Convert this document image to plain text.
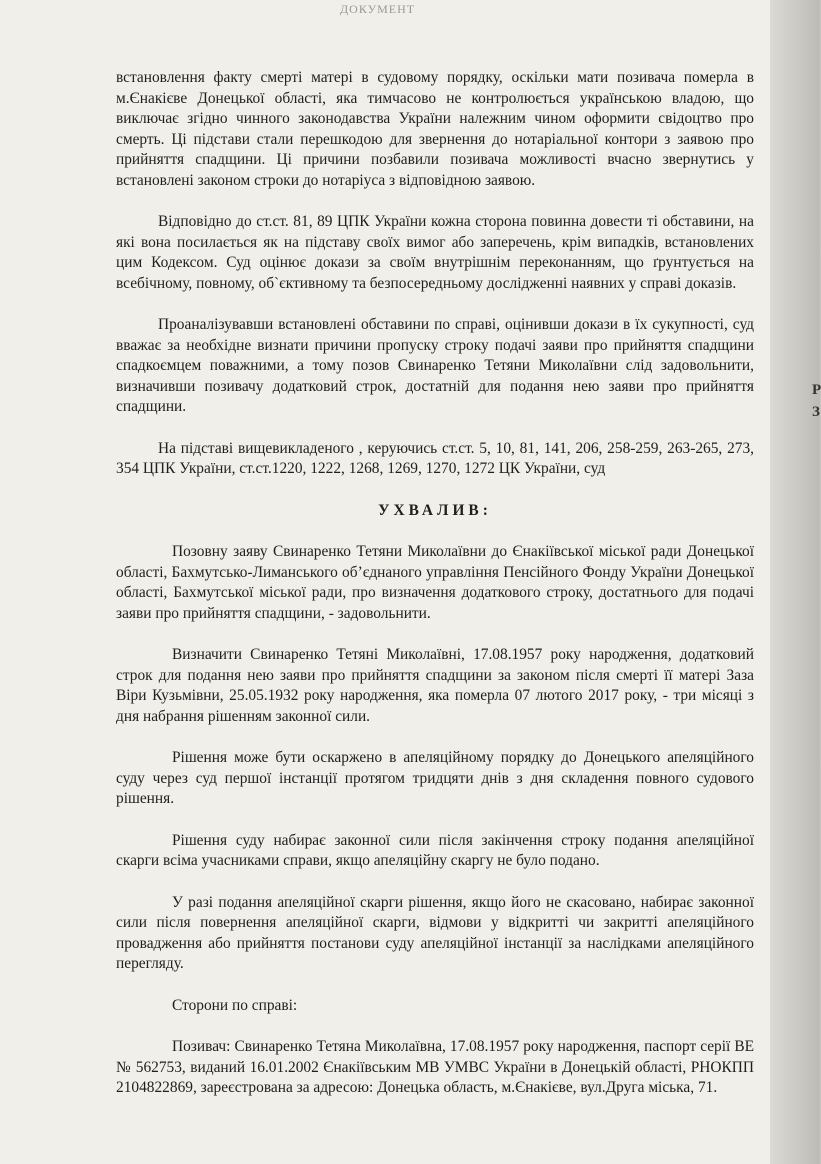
ДОКУМЕНТ

встановлення факту смерті матері в судовому порядку, оскільки мати позивача померла в м.Єнакієве Донецької області, яка тимчасово не контролюється українською владою, що виключає згідно чинного законодавства України належним чином оформити свідоцтво про смерть. Ці підстави стали перешкодою для звернення до нотаріальної контори з заявою про прийняття спадщини. Ці причини позбавили позивача можливості вчасно звернутись у встановлені законом строки до нотаріуса з відповідною заявою.

Відповідно до ст.ст. 81, 89 ЦПК України кожна сторона повинна довести ті обставини, на які вона посилається як на підставу своїх вимог або заперечень, крім випадків, встановлених цим Кодексом. Суд оцінює докази за своїм внутрішнім переконанням, що ґрунтується на всебічному, повному, об`єктивному та безпосередньому дослідженні наявних у справі доказів.

Проаналізувавши встановлені обставини по справі, оцінивши докази в їх сукупності, суд вважає за необхідне визнати причини пропуску строку подачі заяви про прийняття спадщини спадкоємцем поважними, а тому позов Свинаренко Тетяни Миколаївни слід задовольнити, визначивши позивачу додатковий строк, достатній для подання нею заяви про прийняття спадщини.

На підставі вищевикладеного , керуючись ст.ст. 5, 10, 81, 141, 206, 258-259, 263-265, 273, 354 ЦПК України, ст.ст.1220, 1222, 1268, 1269, 1270, 1272 ЦК України, суд

УХВАЛИВ:

Позовну заяву Свинаренко Тетяни Миколаївни до Єнакіївської міської ради Донецької області, Бахмутсько-Лиманського об’єднаного управління Пенсійного Фонду України Донецької області, Бахмутської міської ради, про визначення додаткового строку, достатнього для подачі заяви про прийняття спадщини, - задовольнити.

Визначити Свинаренко Тетяні Миколаївні, 17.08.1957 року народження, додатковий строк для подання нею заяви про прийняття спадщини за законом після смерті її матері Заза Віри Кузьмівни, 25.05.1932 року народження, яка померла 07 лютого 2017 року, - три місяці з дня набрання рішенням законної сили.

Рішення може бути оскаржено в апеляційному порядку до Донецького апеляційного суду через суд першої інстанції протягом тридцяти днів з дня складення повного судового рішення.

Рішення суду набирає законної сили після закінчення строку подання апеляційної скарги всіма учасниками справи, якщо апеляційну скаргу не було подано.

У разі подання апеляційної скарги рішення, якщо його не скасовано, набирає законної сили після повернення апеляційної скарги, відмови у відкритті чи закритті апеляційного провадження або прийняття постанови суду апеляційної інстанції за наслідками апеляційного перегляду.

Сторони по справі:

Позивач: Свинаренко Тетяна Миколаївна, 17.08.1957 року народження, паспорт серії ВЕ № 562753, виданий 16.01.2002 Єнакіївським МВ УМВС України в Донецькій області, РНОКПП 2104822869, зареєстрована за адресою: Донецька область, м.Єнакієве, вул.Друга міська, 71.

Р
З
